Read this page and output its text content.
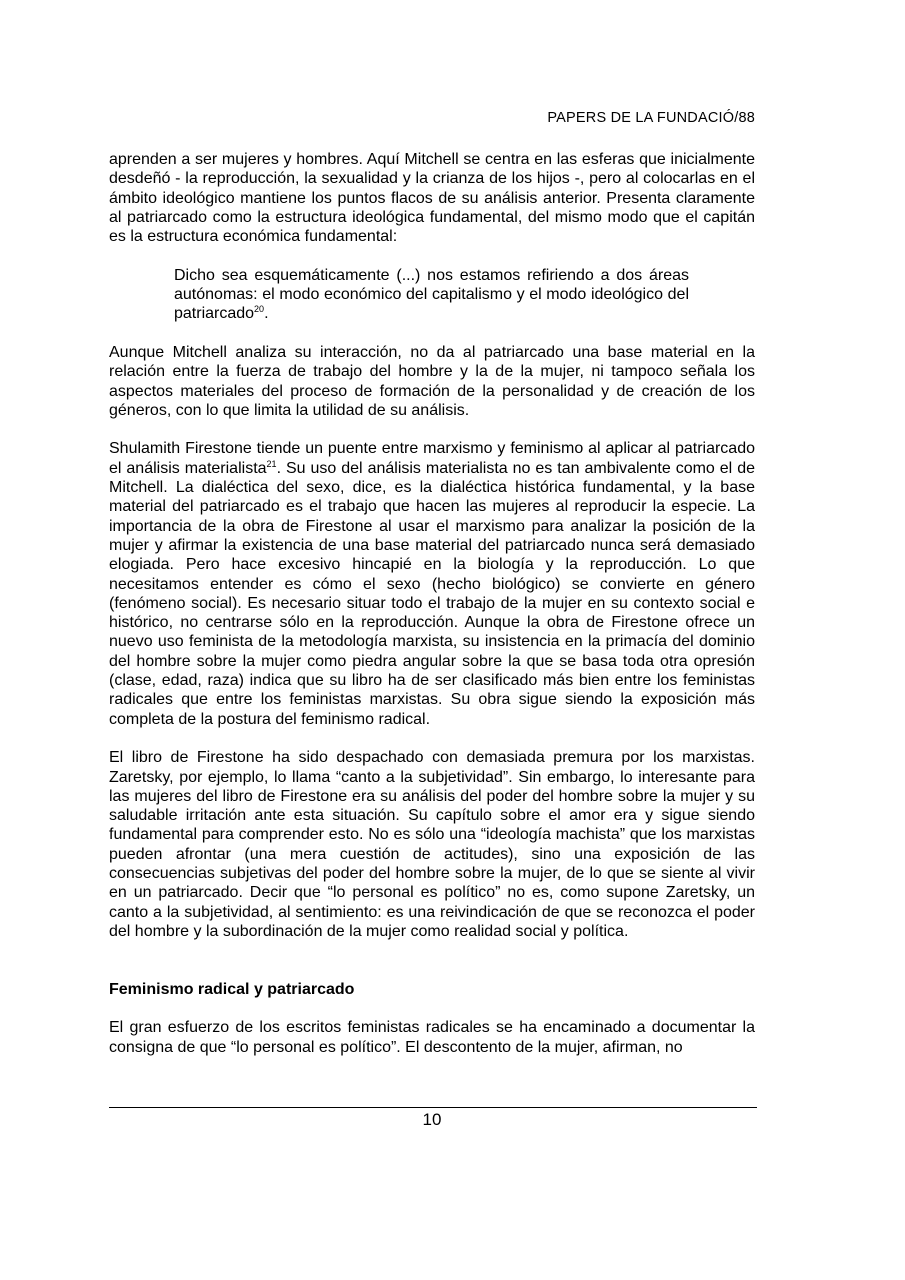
PAPERS DE LA FUNDACIÓ/88

aprenden a ser mujeres y hombres. Aquí Mitchell se centra en las esferas que inicialmente desdeñó - la reproducción, la sexualidad y la crianza de los hijos -, pero al colocarlas en el ámbito ideológico mantiene los puntos flacos de su análisis anterior. Presenta claramente al patriarcado como la estructura ideológica fundamental, del mismo modo que el capitán es la estructura económica fundamental:

Dicho sea esquemáticamente (...) nos estamos refiriendo a dos áreas autónomas: el modo económico del capitalismo y el modo ideológico del patriarcado$^{20}$.

Aunque Mitchell analiza su interacción, no da al patriarcado una base material en la relación entre la fuerza de trabajo del hombre y la de la mujer, ni tampoco señala los aspectos materiales del proceso de formación de la personalidad y de creación de los géneros, con lo que limita la utilidad de su análisis.

Shulamith Firestone tiende un puente entre marxismo y feminismo al aplicar al patriarcado el análisis materialista$^{21}$. Su uso del análisis materialista no es tan ambivalente como el de Mitchell. La dialéctica del sexo, dice, es la dialéctica histórica fundamental, y la base material del patriarcado es el trabajo que hacen las mujeres al reproducir la especie. La importancia de la obra de Firestone al usar el marxismo para analizar la posición de la mujer y afirmar la existencia de una base material del patriarcado nunca será demasiado elogiada. Pero hace excesivo hincapié en la biología y la reproducción. Lo que necesitamos entender es cómo el sexo (hecho biológico) se convierte en género (fenómeno social). Es necesario situar todo el trabajo de la mujer en su contexto social e histórico, no centrarse sólo en la reproducción. Aunque la obra de Firestone ofrece un nuevo uso feminista de la metodología marxista, su insistencia en la primacía del dominio del hombre sobre la mujer como piedra angular sobre la que se basa toda otra opresión (clase, edad, raza) indica que su libro ha de ser clasificado más bien entre los feministas radicales que entre los feministas marxistas. Su obra sigue siendo la exposición más completa de la postura del feminismo radical.

El libro de Firestone ha sido despachado con demasiada premura por los marxistas. Zaretsky, por ejemplo, lo llama “canto a la subjetividad”. Sin embargo, lo interesante para las mujeres del libro de Firestone era su análisis del poder del hombre sobre la mujer y su saludable irritación ante esta situación. Su capítulo sobre el amor era y sigue siendo fundamental para comprender esto. No es sólo una “ideología machista” que los marxistas pueden afrontar (una mera cuestión de actitudes), sino una exposición de las consecuencias subjetivas del poder del hombre sobre la mujer, de lo que se siente al vivir en un patriarcado. Decir que “lo personal es político” no es, como supone Zaretsky, un canto a la subjetividad, al sentimiento: es una reivindicación de que se reconozca el poder del hombre y la subordinación de la mujer como realidad social y política.

Feminismo radical y patriarcado

El gran esfuerzo de los escritos feministas radicales se ha encaminado a documentar la consigna de que “lo personal es político”. El descontento de la mujer, afirman, no

10
